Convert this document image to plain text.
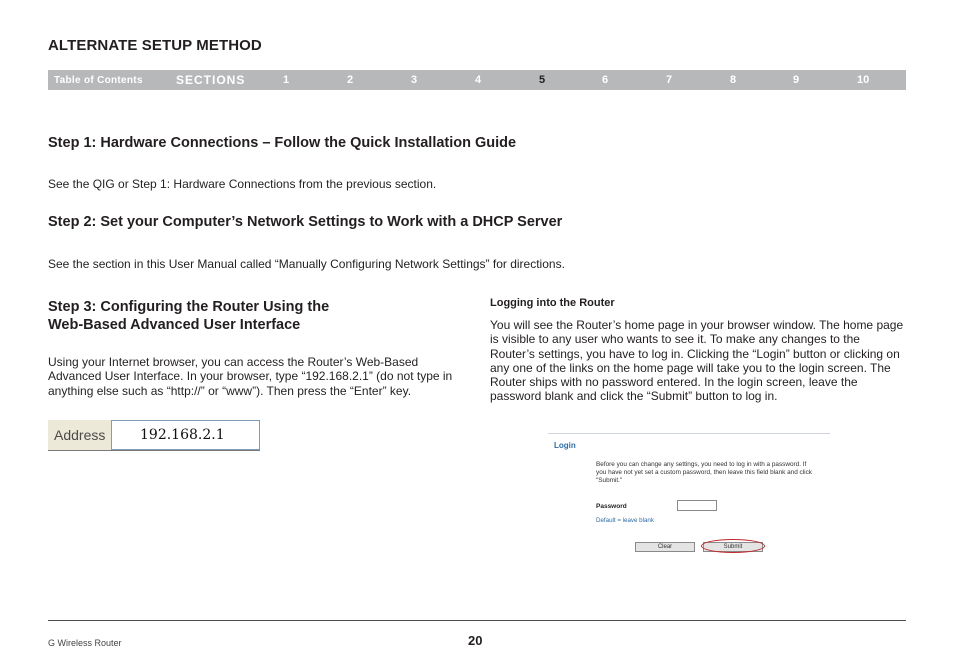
ALTERNATE SETUP METHOD
Table of Contents	SECTIONS	1	2	3	4	5	6	7	8	9	10
Step 1: Hardware Connections – Follow the Quick Installation Guide

See the QIG or Step 1: Hardware Connections from the previous section.

Step 2: Set your Computer’s Network Settings to Work with a DHCP Server

See the section in this User Manual called “Manually Configuring Network Settings” for directions.

Step 3: Configuring the Router Using the
Web-Based Advanced User Interface

Using your Internet browser, you can access the Router’s Web-Based Advanced User Interface. In your browser, type “192.168.2.1” (do not type in anything else such as “http://” or “www”). Then press the “Enter” key.

Address	192.168.2.1
Logging into the Router

You will see the Router’s home page in your browser window. The home page is visible to any user who wants to see it. To make any changes to the Router’s settings, you have to log in. Clicking the “Login” button or clicking on any one of the links on the home page will take you to the login screen. The Router ships with no password entered. In the login screen, leave the password blank and click the “Submit” button to log in.

Login
Before you can change any settings, you need to log in with a password. If you have not yet set a custom password, then leave this field blank and click "Submit."
Password
Default = leave blank
Clear	Submit
G Wireless Router	20
